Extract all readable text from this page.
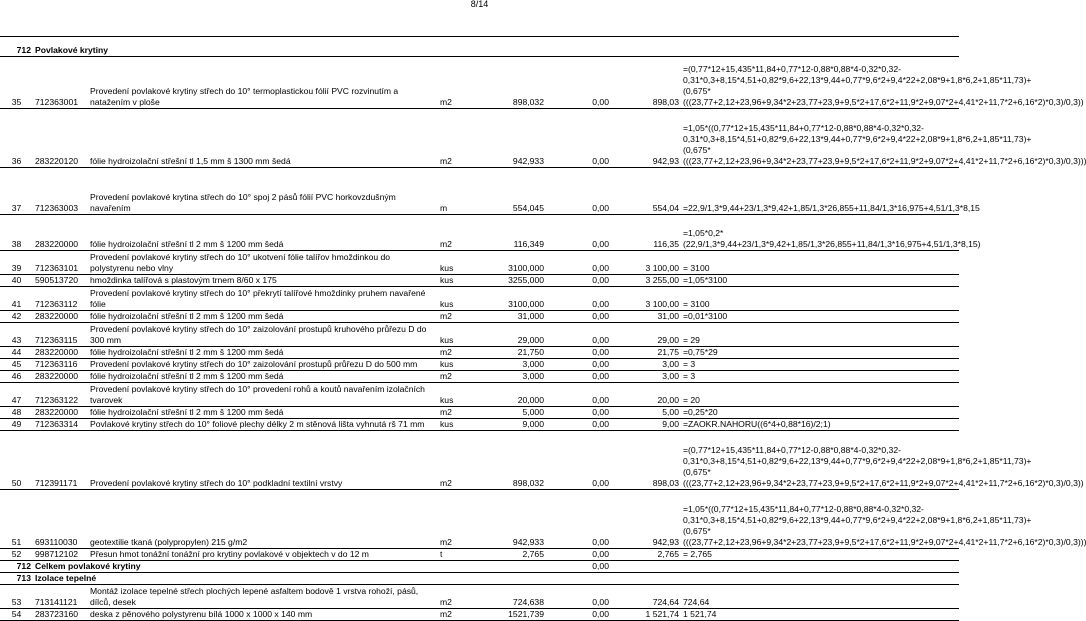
8/14
712	Povlakové krytiny						
35	712363001	Provedení povlakové krytiny střech do 10° termoplastickou fólií PVC rozvinutím a natažením v ploše	m2	898,032	0,00	898,03	=(0,77*12+15,435*11,84+0,77*12-0,88*0,88*4-0,32*0,32-0,31*0,3+8,15*4,51+0,82*9,6+22,13*9,44+0,77*9,6*2+9,4*22+2,08*9+1,8*6,2+1,85*11,73)+(0,675*(((23,77+2,12+23,96+9,34*2+23,77+23,9+9,5*2+17,6*2+11,9*2+9,07*2+4,41*2+11,7*2+6,16*2)*0,3)/0,3))
36	283220120	fólie hydroizolační střešní tl 1,5 mm š 1300 mm šedá	m2	942,933	0,00	942,93	=1,05*((0,77*12+15,435*11,84+0,77*12-0,88*0,88*4-0,32*0,32-0,31*0,3+8,15*4,51+0,82*9,6+22,13*9,44+0,77*9,6*2+9,4*22+2,08*9+1,8*6,2+1,85*11,73)+(0,675*(((23,77+2,12+23,96+9,34*2+23,77+23,9+9,5*2+17,6*2+11,9*2+9,07*2+4,41*2+11,7*2+6,16*2)*0,3)/0,3)))
37	712363003	Provedení povlakové krytina střech do 10° spoj 2 pásů fólií PVC horkovzdušným navařením	m	554,045	0,00	554,04	=22,9/1,3*9,44+23/1,3*9,42+1,85/1,3*26,855+11,84/1,3*16,975+4,51/1,3*8,15
38	283220000	fólie hydroizolační střešní tl 2 mm š 1200 mm šedá	m2	116,349	0,00	116,35	=1,05*0,2*(22,9/1,3*9,44+23/1,3*9,42+1,85/1,3*26,855+11,84/1,3*16,975+4,51/1,3*8,15)
39	712363101	Provedení povlakové krytiny střech do 10° ukotvení fólie talířov hmoždinkou do polystyrenu nebo vlny	kus	3100,000	0,00	3 100,00	= 3100
40	590513720	hmoždinka talířová s plastovým trnem 8/60 x 175	kus	3255,000	0,00	3 255,00	=1,05*3100
41	712363112	Provedení povlakové krytiny střech do 10° překrytí talířové hmoždinky pruhem navařené fólie	kus	3100,000	0,00	3 100,00	= 3100
42	283220000	fólie hydroizolační střešní tl 2 mm š 1200 mm šedá	m2	31,000	0,00	31,00	=0,01*3100
43	712363115	Provedení povlakové krytiny střech do 10° zaizolování prostupů kruhového průřezu D do 300 mm	kus	29,000	0,00	29,00	= 29
44	283220000	fólie hydroizolační střešní tl 2 mm š 1200 mm šedá	m2	21,750	0,00	21,75	=0,75*29
45	712363116	Provedení povlakové krytiny střech do 10° zaizolování prostupů průřezu D do 500 mm	kus	3,000	0,00	3,00	= 3
46	283220000	fólie hydroizolační střešní tl 2 mm š 1200 mm šedá	m2	3,000	0,00	3,00	= 3
47	712363122	Provedení povlakové krytiny střech do 10° provedení rohů a koutů navařením izolačních tvarovek	kus	20,000	0,00	20,00	= 20
48	283220000	fólie hydroizolační střešní tl 2 mm š 1200 mm šedá	m2	5,000	0,00	5,00	=0,25*20
49	712363314	Povlakové krytiny střech do 10° foliové plechy délky 2 m stěnová lišta vyhnutá rš 71 mm	kus	9,000	0,00	9,00	=ZAOKR.NAHORU((6*4+0,88*16)/2;1)
50	712391171	Provedení povlakové krytiny střech do 10° podkladní textilní vrstvy	m2	898,032	0,00	898,03	=(0,77*12+15,435*11,84+0,77*12-0,88*0,88*4-0,32*0,32-0,31*0,3+8,15*4,51+0,82*9,6+22,13*9,44+0,77*9,6*2+9,4*22+2,08*9+1,8*6,2+1,85*11,73)+(0,675*(((23,77+2,12+23,96+9,34*2+23,77+23,9+9,5*2+17,6*2+11,9*2+9,07*2+4,41*2+11,7*2+6,16*2)*0,3)/0,3))
51	693110030	geotextilie tkaná (polypropylen) 215 g/m2	m2	942,933	0,00	942,93	=1,05*((0,77*12+15,435*11,84+0,77*12-0,88*0,88*4-0,32*0,32-0,31*0,3+8,15*4,51+0,82*9,6+22,13*9,44+0,77*9,6*2+9,4*22+2,08*9+1,8*6,2+1,85*11,73)+(0,675*(((23,77+2,12+23,96+9,34*2+23,77+23,9+9,5*2+17,6*2+11,9*2+9,07*2+4,41*2+11,7*2+6,16*2)*0,3)/0,3)))
52	998712102	Přesun hmot tonážní tonážní pro krytiny povlakové v objektech v do 12 m	t	2,765	0,00	2,765	= 2,765
712	Celkem povlakové krytiny				0,00		
713	Izolace tepelné						
53	713141121	Montáž izolace tepelné střech plochých lepené asfaltem bodově 1 vrstva rohoží, pásů, dílců, desek	m2	724,638	0,00	724,64	724,64
54	283723160	deska z pěnového polystyrenu bílá 1000 x 1000 x 140 mm	m2	1521,739	0,00	1 521,74	1 521,74
